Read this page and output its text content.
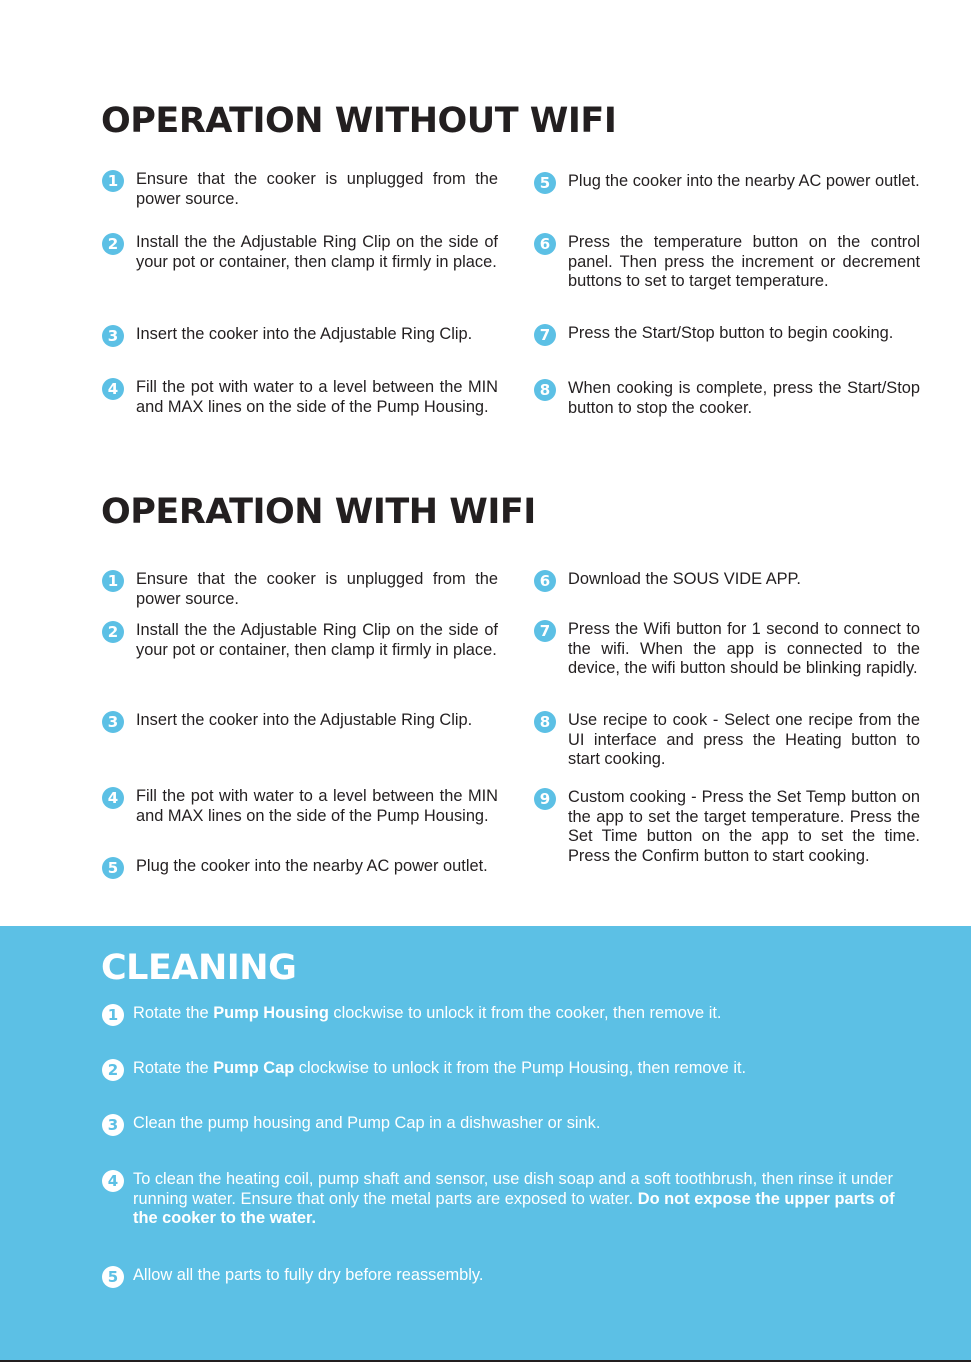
OPERATION WITHOUT WIFI
1	Ensure that the cooker is unplugged from the power source.
2	Install the the Adjustable Ring Clip on the side of your pot or container, then clamp it firmly in place.
3	Insert the cooker into the Adjustable Ring Clip.
4	Fill the pot with water to a level between the MIN and MAX lines on the side of the Pump Housing.
5	Plug the cooker into the nearby AC power outlet.
6	Press the temperature button on the control panel. Then press the increment or decrement buttons to set to target temperature.
7	Press the Start/Stop button to begin cooking.
8	When cooking is complete, press the Start/Stop button to stop the cooker.
OPERATION WITH WIFI
1	Ensure that the cooker is unplugged from the power source.
2	Install the the Adjustable Ring Clip on the side of your pot or container, then clamp it firmly in place.
3	Insert the cooker into the Adjustable Ring Clip.
4	Fill the pot with water to a level between the MIN and MAX lines on the side of the Pump Housing.
5	Plug the cooker into the nearby AC power outlet.
6	Download the SOUS VIDE APP.
7	Press the Wifi button for 1 second to connect to the wifi. When the app is connected to the device, the wifi button should be blinking rapidly.
8	Use recipe to cook - Select one recipe from the UI interface and press the Heating button to start cooking.
9	Custom cooking - Press the Set Temp button on the app to set the target temperature. Press the Set Time button on the app to set the time. Press the Confirm button to start cooking.
CLEANING
1 Rotate the Pump Housing clockwise to unlock it from the cooker, then remove it.
2 Rotate the Pump Cap clockwise to unlock it from the Pump Housing, then remove it.
3 Clean the pump housing and Pump Cap in a dishwasher or sink.
4 To clean the heating coil, pump shaft and sensor, use dish soap and a soft toothbrush, then rinse it under running water. Ensure that only the metal parts are exposed to water. Do not expose the upper parts of the cooker to the water.
5 Allow all the parts to fully dry before reassembly.
